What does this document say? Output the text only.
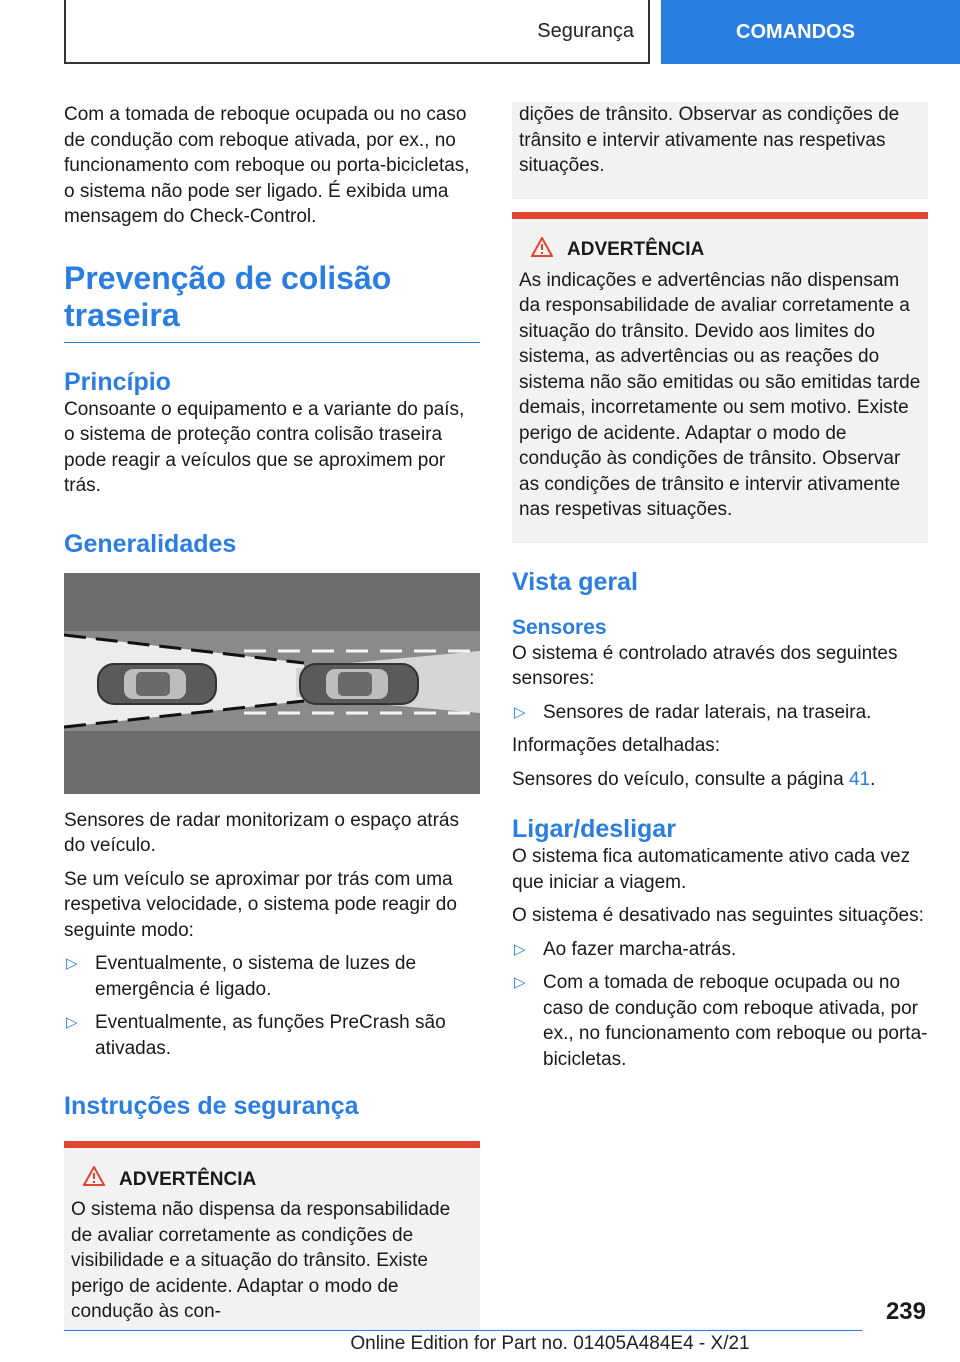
Segurança	COMANDOS

Com a tomada de reboque ocupada ou no caso de condução com reboque ativada, por ex., no funcionamento com reboque ou porta-bicicletas, o sistema não pode ser ligado. É exibida uma mensagem do Check-Control.

Prevenção de colisão traseira
Princípio

Consoante o equipamento e a variante do país, o sistema de proteção contra colisão traseira pode reagir a veículos que se aproximem por trás.

Generalidades

Sensores de radar monitorizam o espaço atrás do veículo.

Se um veículo se aproximar por trás com uma respetiva velocidade, o sistema pode reagir do seguinte modo:

▷ Eventualmente, o sistema de luzes de emergência é ligado.
▷ Eventualmente, as funções PreCrash são ativadas.
Instruções de segurança
ADVERTÊNCIA

O sistema não dispensa da responsabilidade de avaliar corretamente as condições de visibilidade e a situação do trânsito. Existe perigo de acidente. Adaptar o modo de condução às con-

dições de trânsito. Observar as condições de trânsito e intervir ativamente nas respetivas situações.

ADVERTÊNCIA

As indicações e advertências não dispensam da responsabilidade de avaliar corretamente a situação do trânsito. Devido aos limites do sistema, as advertências ou as reações do sistema não são emitidas ou são emitidas tarde demais, incorretamente ou sem motivo. Existe perigo de acidente. Adaptar o modo de condução às condições de trânsito. Observar as condições de trânsito e intervir ativamente nas respetivas situações.

Vista geral
Sensores

O sistema é controlado através dos seguintes sensores:

▷ Sensores de radar laterais, na traseira.

Informações detalhadas:

Sensores do veículo, consulte a página 41.

Ligar/desligar

O sistema fica automaticamente ativo cada vez que iniciar a viagem.

O sistema é desativado nas seguintes situações:

▷ Ao fazer marcha-atrás.
▷ Com a tomada de reboque ocupada ou no caso de condução com reboque ativada, por ex., no funcionamento com reboque ou porta-bicicletas.
239
Online Edition for Part no. 01405A484E4 - X/21
